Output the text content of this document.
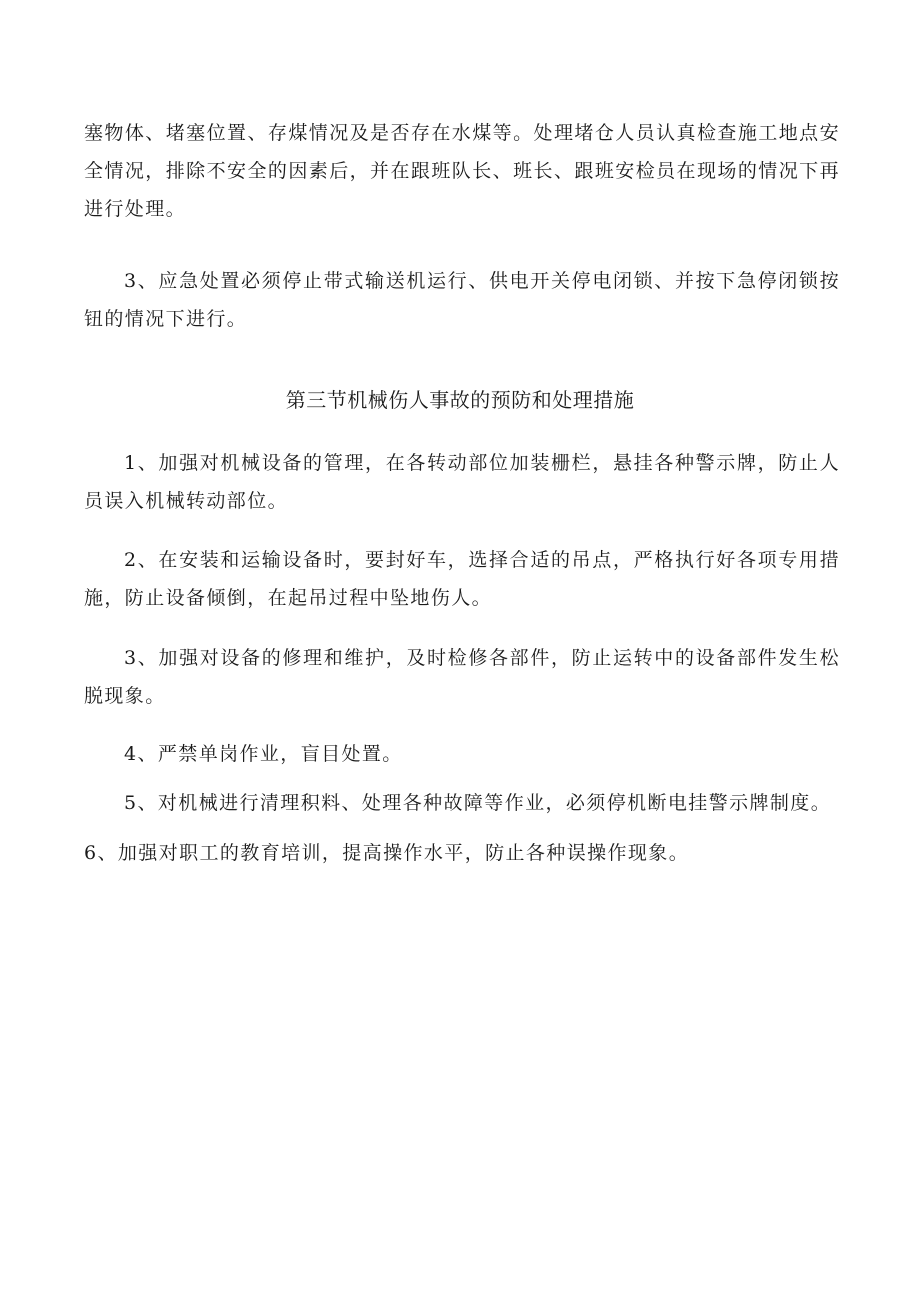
塞物体、堵塞位置、存煤情况及是否存在水煤等。处理堵仓人员认真检查施工地点安全情况，排除不安全的因素后，并在跟班队长、班长、跟班安检员在现场的情况下再进行处理。

3、应急处置必须停止带式输送机运行、供电开关停电闭锁、并按下急停闭锁按钮的情况下进行。

第三节机械伤人事故的预防和处理措施

1、加强对机械设备的管理，在各转动部位加装栅栏，悬挂各种警示牌，防止人员误入机械转动部位。

2、在安装和运输设备时，要封好车，选择合适的吊点，严格执行好各项专用措施，防止设备倾倒，在起吊过程中坠地伤人。

3、加强对设备的修理和维护，及时检修各部件，防止运转中的设备部件发生松脱现象。

4、严禁单岗作业，盲目处置。

5、对机械进行清理积料、处理各种故障等作业，必须停机断电挂警示牌制度。

6、加强对职工的教育培训，提高操作水平，防止各种误操作现象。
